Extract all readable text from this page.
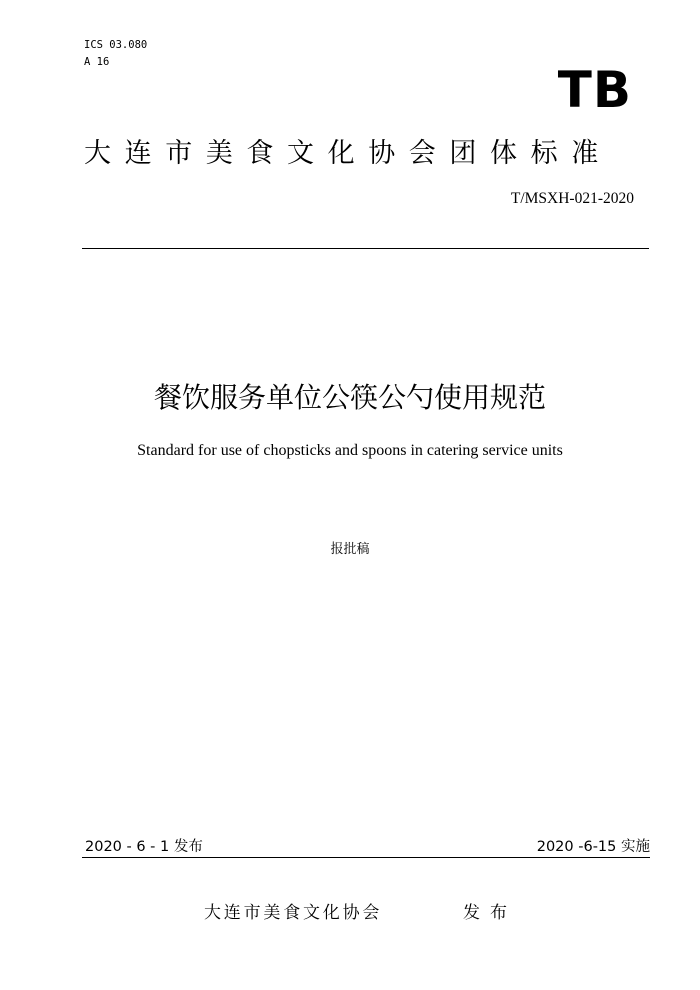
ICS 03.080
A 16	TB
大连市美食文化协会团体标准
T/MSXH-021-2020
餐饮服务单位公筷公勺使用规范
Standard for use of chopsticks and spoons in catering service units
报批稿
2020 - 6 - 1 发布	2020 -6-15 实施
大连市美食文化协会	发布
